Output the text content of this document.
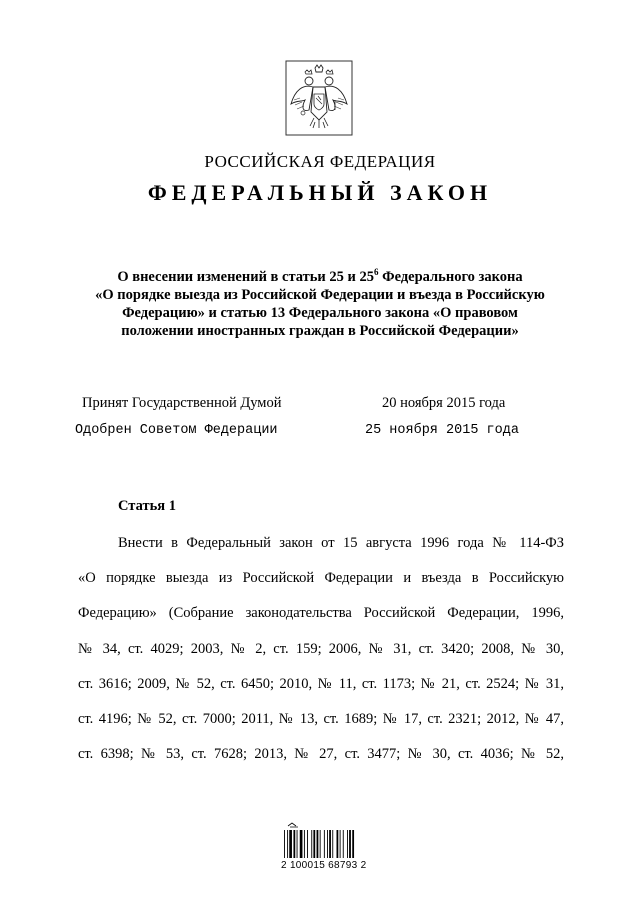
РОССИЙСКАЯ ФЕДЕРАЦИЯ
ФЕДЕРАЛЬНЫЙ ЗАКОН
О внесении изменений в статьи 25 и $25^6$ Федерального закона
«О порядке выезда из Российской Федерации и въезда в Российскую
Федерацию» и статью 13 Федерального закона «О правовом
положении иностранных граждан в Российской Федерации»
Принят Государственной Думой	20 ноября 2015 года
Одобрен Советом Федерации	25 ноября 2015 года
Статья 1
Внести в Федеральный закон от 15 августа 1996 года № 114-ФЗ
«О порядке выезда из Российской Федерации и въезда в Российскую
Федерацию» (Собрание законодательства Российской Федерации, 1996,
№ 34, ст. 4029; 2003, № 2, ст. 159; 2006, № 31, ст. 3420; 2008, № 30,
ст. 3616; 2009, № 52, ст. 6450; 2010, № 11, ст. 1173; № 21, ст. 2524; № 31,
ст. 4196; № 52, ст. 7000; 2011, № 13, ст. 1689; № 17, ст. 2321; 2012, № 47,
ст. 6398; № 53, ст. 7628; 2013, № 27, ст. 3477; № 30, ст. 4036; № 52,
2 100015 68793 2
